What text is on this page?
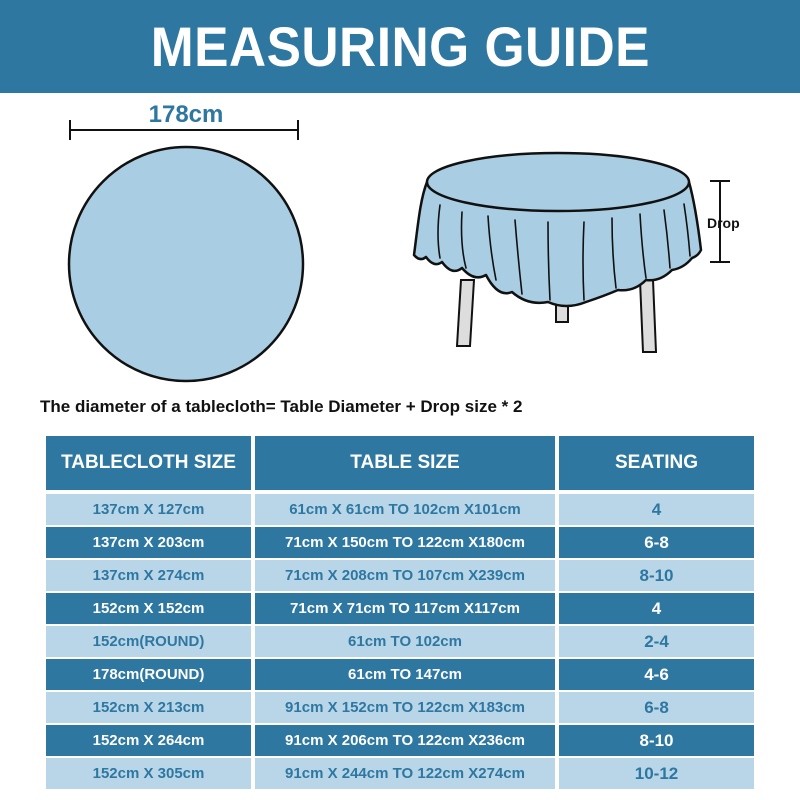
MEASURING GUIDE
178cm
Drop
The diameter of a tablecloth= Table Diameter + Drop size * 2
TABLECLOTH SIZE	TABLE SIZE	SEATING
137cm X 127cm	61cm X 61cm TO 102cm X101cm	4
137cm X 203cm	71cm X 150cm TO 122cm X180cm	6-8
137cm X 274cm	71cm X 208cm TO 107cm X239cm	8-10
152cm X 152cm	71cm X 71cm TO 117cm X117cm	4
152cm(ROUND)	61cm TO 102cm	2-4
178cm(ROUND)	61cm TO 147cm	4-6
152cm X 213cm	91cm X 152cm TO 122cm X183cm	6-8
152cm X 264cm	91cm X 206cm TO 122cm X236cm	8-10
152cm X 305cm	91cm X 244cm TO 122cm X274cm	10-12
